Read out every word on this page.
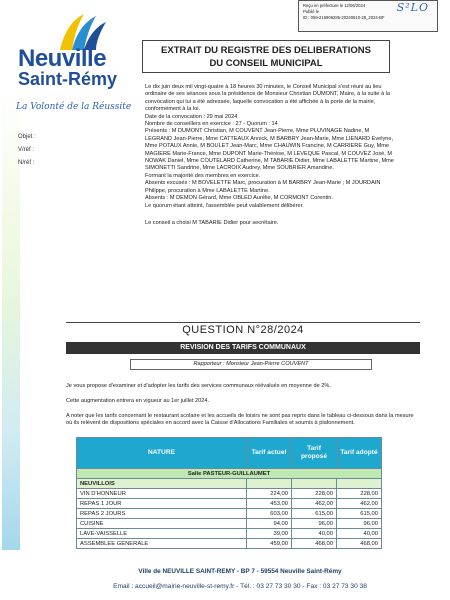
Reçu en préfecture le 12/06/2024
Publié le
ID : 059-215906285-20240610-28_2024-BF
S²LO
Neuville
Saint-Rémy
La Volonté de la Réussite
Objet :
V/réf :
N/réf :
EXTRAIT DU REGISTRE DES DELIBERATIONS
DU CONSEIL MUNICIPAL

Le dix juin deux mil vingt-quatre à 18 heures 30 minutes, le Conseil Municipal s'est réuni au lieu ordinaire de ses séances sous la présidence de Monsieur Christian DUMONT, Maire, à la suite à la convocation qui lui a été adressée, laquelle convocation a été affichée à la porte de la mairie, conformément à la loi.

Date de la convocation : 29 mai 2024

Nombre de conseillers en exercice : 27 - Quorum : 14

Présents : M DUMONT Christian, M COUVENT Jean-Pierre, Mme PLUVINAGE Nadine, M LEGRAND Jean-Pierre, Mme CATTEAUX Annick, M BARBRY Jean-Marie, Mme LIENARD Evelyne, Mme POTAUX Annie, M BOULET Jean-Marc, Mme CHAUWIN Francine, M CARRIERE Guy, Mme MAGIERE Marie-France, Mme DUPONT Marie-Thérèse, M LEVEQUE Pascal, M COUVEZ José, M NOWAK Daniel, Mme COUTELARD Catherine, M TABARIE Didier, Mme LABALETTE Martine, Mme SIMONETTI Sandrine, Mme LACROIX Audrey, Mme SOUBRIER Amandine.

Formant la majorité des membres en exercice.

Absents excusés : M BOVELETTE Marc, procuration à M BARBRY Jean-Marie ; M JOURDAIN Philippe, procuration à Mme LABALETTE Martine.

Absents : M DEMON Gérard, Mme OBLED Aurélie, M CORMONT Corentin.

Le quorum étant atteint, l'assemblée peut valablement délibérer.

Le conseil a choisi M TABARIE Didier pour secrétaire.

QUESTION N°28/2024
REVISION DES TARIFS COMMUNAUX
Rapporteur : Monsieur Jean-Pierre COUVENT
Je vous propose d'examiner et d'adopter les tarifs des services communaux réévalués en moyenne de 2%.
Cette augmentation entrera en vigueur au 1er juillet 2024.
A noter que les tarifs concernant le restaurant scolaire et les accueils de loisirs ne sont pas repris dans le tableau ci-dessous dans la mesure où ils relèvent de dispositions spéciales en accord avec la Caisse d'Allocations Familiales et soumis à plafonnement.
NATURE	Tarif actuel	Tarif proposé	Tarif adopté
Salle PASTEUR-GUILLAUMET			
NEUVILLOIS			
VIN D'HONNEUR	224,00	228,00	228,00
REPAS 1 JOUR	453,00	462,00	462,00
REPAS 2 JOURS	603,00	615,00	615,00
CUISINE	94,00	96,00	96,00
LAVE-VAISSELLE	39,00	40,00	40,00
ASSEMBLEE GENERALE	459,00	468,00	468,00
Ville de NEUVILLE SAINT-REMY - BP 7 - 59554 Neuville Saint-Rémy
Email : accueil@mairie-neuville-st-remy.fr - Tél. : 03 27 73 30 30 - Fax : 03 27 73 30 38
